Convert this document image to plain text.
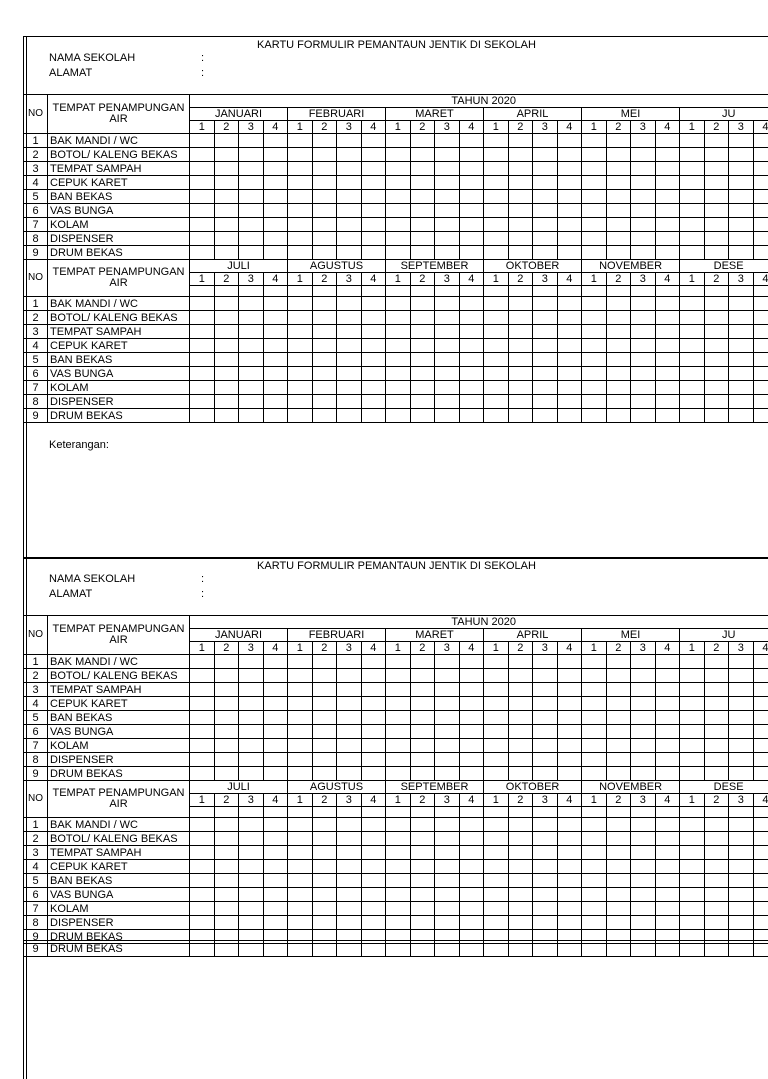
KARTU FORMULIR PEMANTAUN JENTIK DI SEKOLAH
NAMA SEKOLAH	:
ALAMAT	:
NO	TEMPAT PENAMPUNGAN AIR	TAHUN 2020																							
		JANUARI				FEBRUARI				MARET				APRIL				MEI				JU			
		1	2	3	4	1	2	3	4	1	2	3	4	1	2	3	4	1	2	3	4	1	2	3	4
1	BAK MANDI / WC																								
2	BOTOL/ KALENG BEKAS																								
3	TEMPAT SAMPAH																								
4	CEPUK KARET																								
5	BAN BEKAS																								
6	VAS BUNGA																								
7	KOLAM																								
8	DISPENSER																								
9	DRUM BEKAS																								
NO	TEMPAT PENAMPUNGAN AIR	JULI				AGUSTUS				SEPTEMBER				OKTOBER				NOVEMBER				DESE			
		1	2	3	4	1	2	3	4	1	2	3	4	1	2	3	4	1	2	3	4	1	2	3	4

1	BAK MANDI / WC																								
2	BOTOL/ KALENG BEKAS																								
3	TEMPAT SAMPAH																								
4	CEPUK KARET																								
5	BAN BEKAS																								
6	VAS BUNGA																								
7	KOLAM																								
8	DISPENSER																								
9	DRUM BEKAS																								
Keterangan:
KARTU FORMULIR PEMANTAUN JENTIK DI SEKOLAH
NAMA SEKOLAH	:
ALAMAT	:
NO	TEMPAT PENAMPUNGAN AIR	TAHUN 2020																							
		JANUARI				FEBRUARI				MARET				APRIL				MEI				JU			
		1	2	3	4	1	2	3	4	1	2	3	4	1	2	3	4	1	2	3	4	1	2	3	4
1	BAK MANDI / WC																								
2	BOTOL/ KALENG BEKAS																								
3	TEMPAT SAMPAH																								
4	CEPUK KARET																								
5	BAN BEKAS																								
6	VAS BUNGA																								
7	KOLAM																								
8	DISPENSER																								
9	DRUM BEKAS																								
NO	TEMPAT PENAMPUNGAN AIR	JULI				AGUSTUS				SEPTEMBER				OKTOBER				NOVEMBER				DESE			
		1	2	3	4	1	2	3	4	1	2	3	4	1	2	3	4	1	2	3	4	1	2	3	4

1	BAK MANDI / WC																								
2	BOTOL/ KALENG BEKAS																								
3	TEMPAT SAMPAH																								
4	CEPUK KARET																								
5	BAN BEKAS																								
6	VAS BUNGA																								
7	KOLAM																								
8	DISPENSER																								
9	DRUM BEKAS																								
9	DRUM BEKAS																								
